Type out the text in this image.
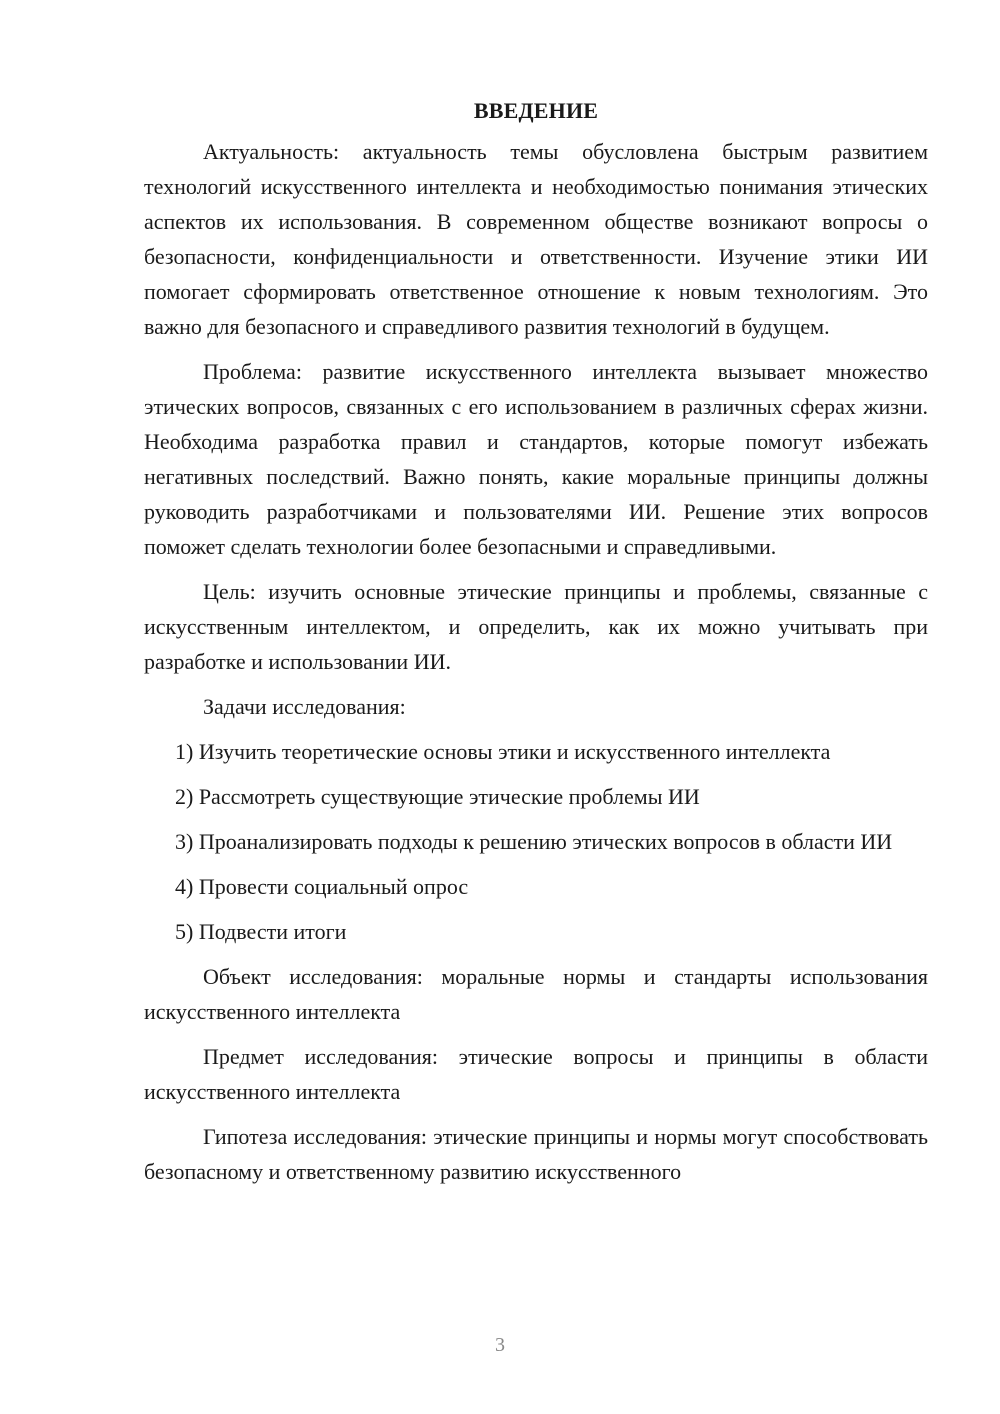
ВВЕДЕНИЕ

Актуальность: актуальность темы обусловлена быстрым развитием технологий искусственного интеллекта и необходимостью понимания этических аспектов их использования. В современном обществе возникают вопросы о безопасности, конфиденциальности и ответственности. Изучение этики ИИ помогает сформировать ответственное отношение к новым технологиям. Это важно для безопасного и справедливого развития технологий в будущем.

Проблема: развитие искусственного интеллекта вызывает множество этических вопросов, связанных с его использованием в различных сферах жизни. Необходима разработка правил и стандартов, которые помогут избежать негативных последствий. Важно понять, какие моральные принципы должны руководить разработчиками и пользователями ИИ. Решение этих вопросов поможет сделать технологии более безопасными и справедливыми.

Цель: изучить основные этические принципы и проблемы, связанные с искусственным интеллектом, и определить, как их можно учитывать при разработке и использовании ИИ.

Задачи исследования:

1) Изучить теоретические основы этики и искусственного интеллекта

2) Рассмотреть существующие этические проблемы ИИ

3) Проанализировать подходы к решению этических вопросов в области ИИ

4) Провести социальный опрос

5) Подвести итоги

Объект исследования: моральные нормы и стандарты использования искусственного интеллекта

Предмет исследования: этические вопросы и принципы в области искусственного интеллекта

Гипотеза исследования: этические принципы и нормы могут способствовать безопасному и ответственному развитию искусственного

3
